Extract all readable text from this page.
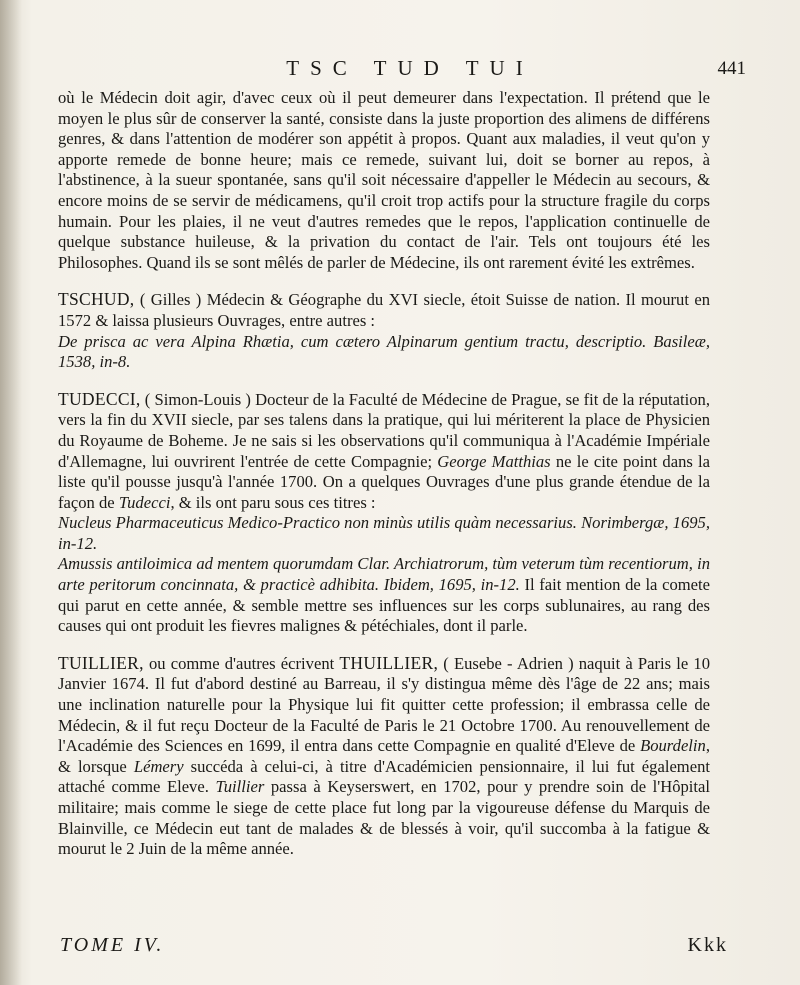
TSC TUD TUI	441

où le Médecin doit agir, d'avec ceux où il peut demeurer dans l'expectation. Il prétend que le moyen le plus sûr de conserver la santé, consiste dans la juste proportion des alimens de différens genres, & dans l'attention de modérer son appétit à propos. Quant aux maladies, il veut qu'on y apporte remede de bonne heure; mais ce remede, suivant lui, doit se borner au repos, à l'abstinence, à la sueur spontanée, sans qu'il soit nécessaire d'appeller le Médecin au secours, & encore moins de se servir de médicamens, qu'il croit trop actifs pour la structure fragile du corps humain. Pour les plaies, il ne veut d'autres remedes que le repos, l'application continuelle de quelque substance huileuse, & la privation du contact de l'air. Tels ont toujours été les Philosophes. Quand ils se sont mêlés de parler de Médecine, ils ont rarement évité les extrêmes.

TSCHUD, ( Gilles ) Médecin & Géographe du XVI siecle, étoit Suisse de nation. Il mourut en 1572 & laissa plusieurs Ouvrages, entre autres :

De prisca ac vera Alpina Rhætia, cum cætero Alpinarum gentium tractu, descriptio. Basileæ, 1538, in-8.

TUDECCI, ( Simon-Louis ) Docteur de la Faculté de Médecine de Prague, se fit de la réputation, vers la fin du XVII siecle, par ses talens dans la pratique, qui lui mériterent la place de Physicien du Royaume de Boheme. Je ne sais si les observations qu'il communiqua à l'Académie Impériale d'Allemagne, lui ouvrirent l'entrée de cette Compagnie; George Matthias ne le cite point dans la liste qu'il pousse jusqu'à l'année 1700. On a quelques Ouvrages d'une plus grande étendue de la façon de Tudecci, & ils ont paru sous ces titres :

Nucleus Pharmaceuticus Medico-Practico non minùs utilis quàm necessarius. Norimbergæ, 1695, in-12.

Amussis antiloimica ad mentem quorumdam Clar. Archiatrorum, tùm veterum tùm recentiorum, in arte peritorum concinnata, & practicè adhibita. Ibidem, 1695, in-12. Il fait mention de la comete qui parut en cette année, & semble mettre ses influences sur les corps sublunaires, au rang des causes qui ont produit les fievres malignes & pétéchiales, dont il parle.

TUILLIER, ou comme d'autres écrivent THUILLIER, ( Eusebe - Adrien ) naquit à Paris le 10 Janvier 1674. Il fut d'abord destiné au Barreau, il s'y distingua même dès l'âge de 22 ans; mais une inclination naturelle pour la Physique lui fit quitter cette profession; il embrassa celle de Médecin, & il fut reçu Docteur de la Faculté de Paris le 21 Octobre 1700. Au renouvellement de l'Académie des Sciences en 1699, il entra dans cette Compagnie en qualité d'Eleve de Bourdelin, & lorsque Lémery succéda à celui-ci, à titre d'Académicien pensionnaire, il lui fut également attaché comme Eleve. Tuillier passa à Keyserswert, en 1702, pour y prendre soin de l'Hôpital militaire; mais comme le siege de cette place fut long par la vigoureuse défense du Marquis de Blainville, ce Médecin eut tant de malades & de blessés à voir, qu'il succomba à la fatigue & mourut le 2 Juin de la même année.

TOME IV.	Kkk
